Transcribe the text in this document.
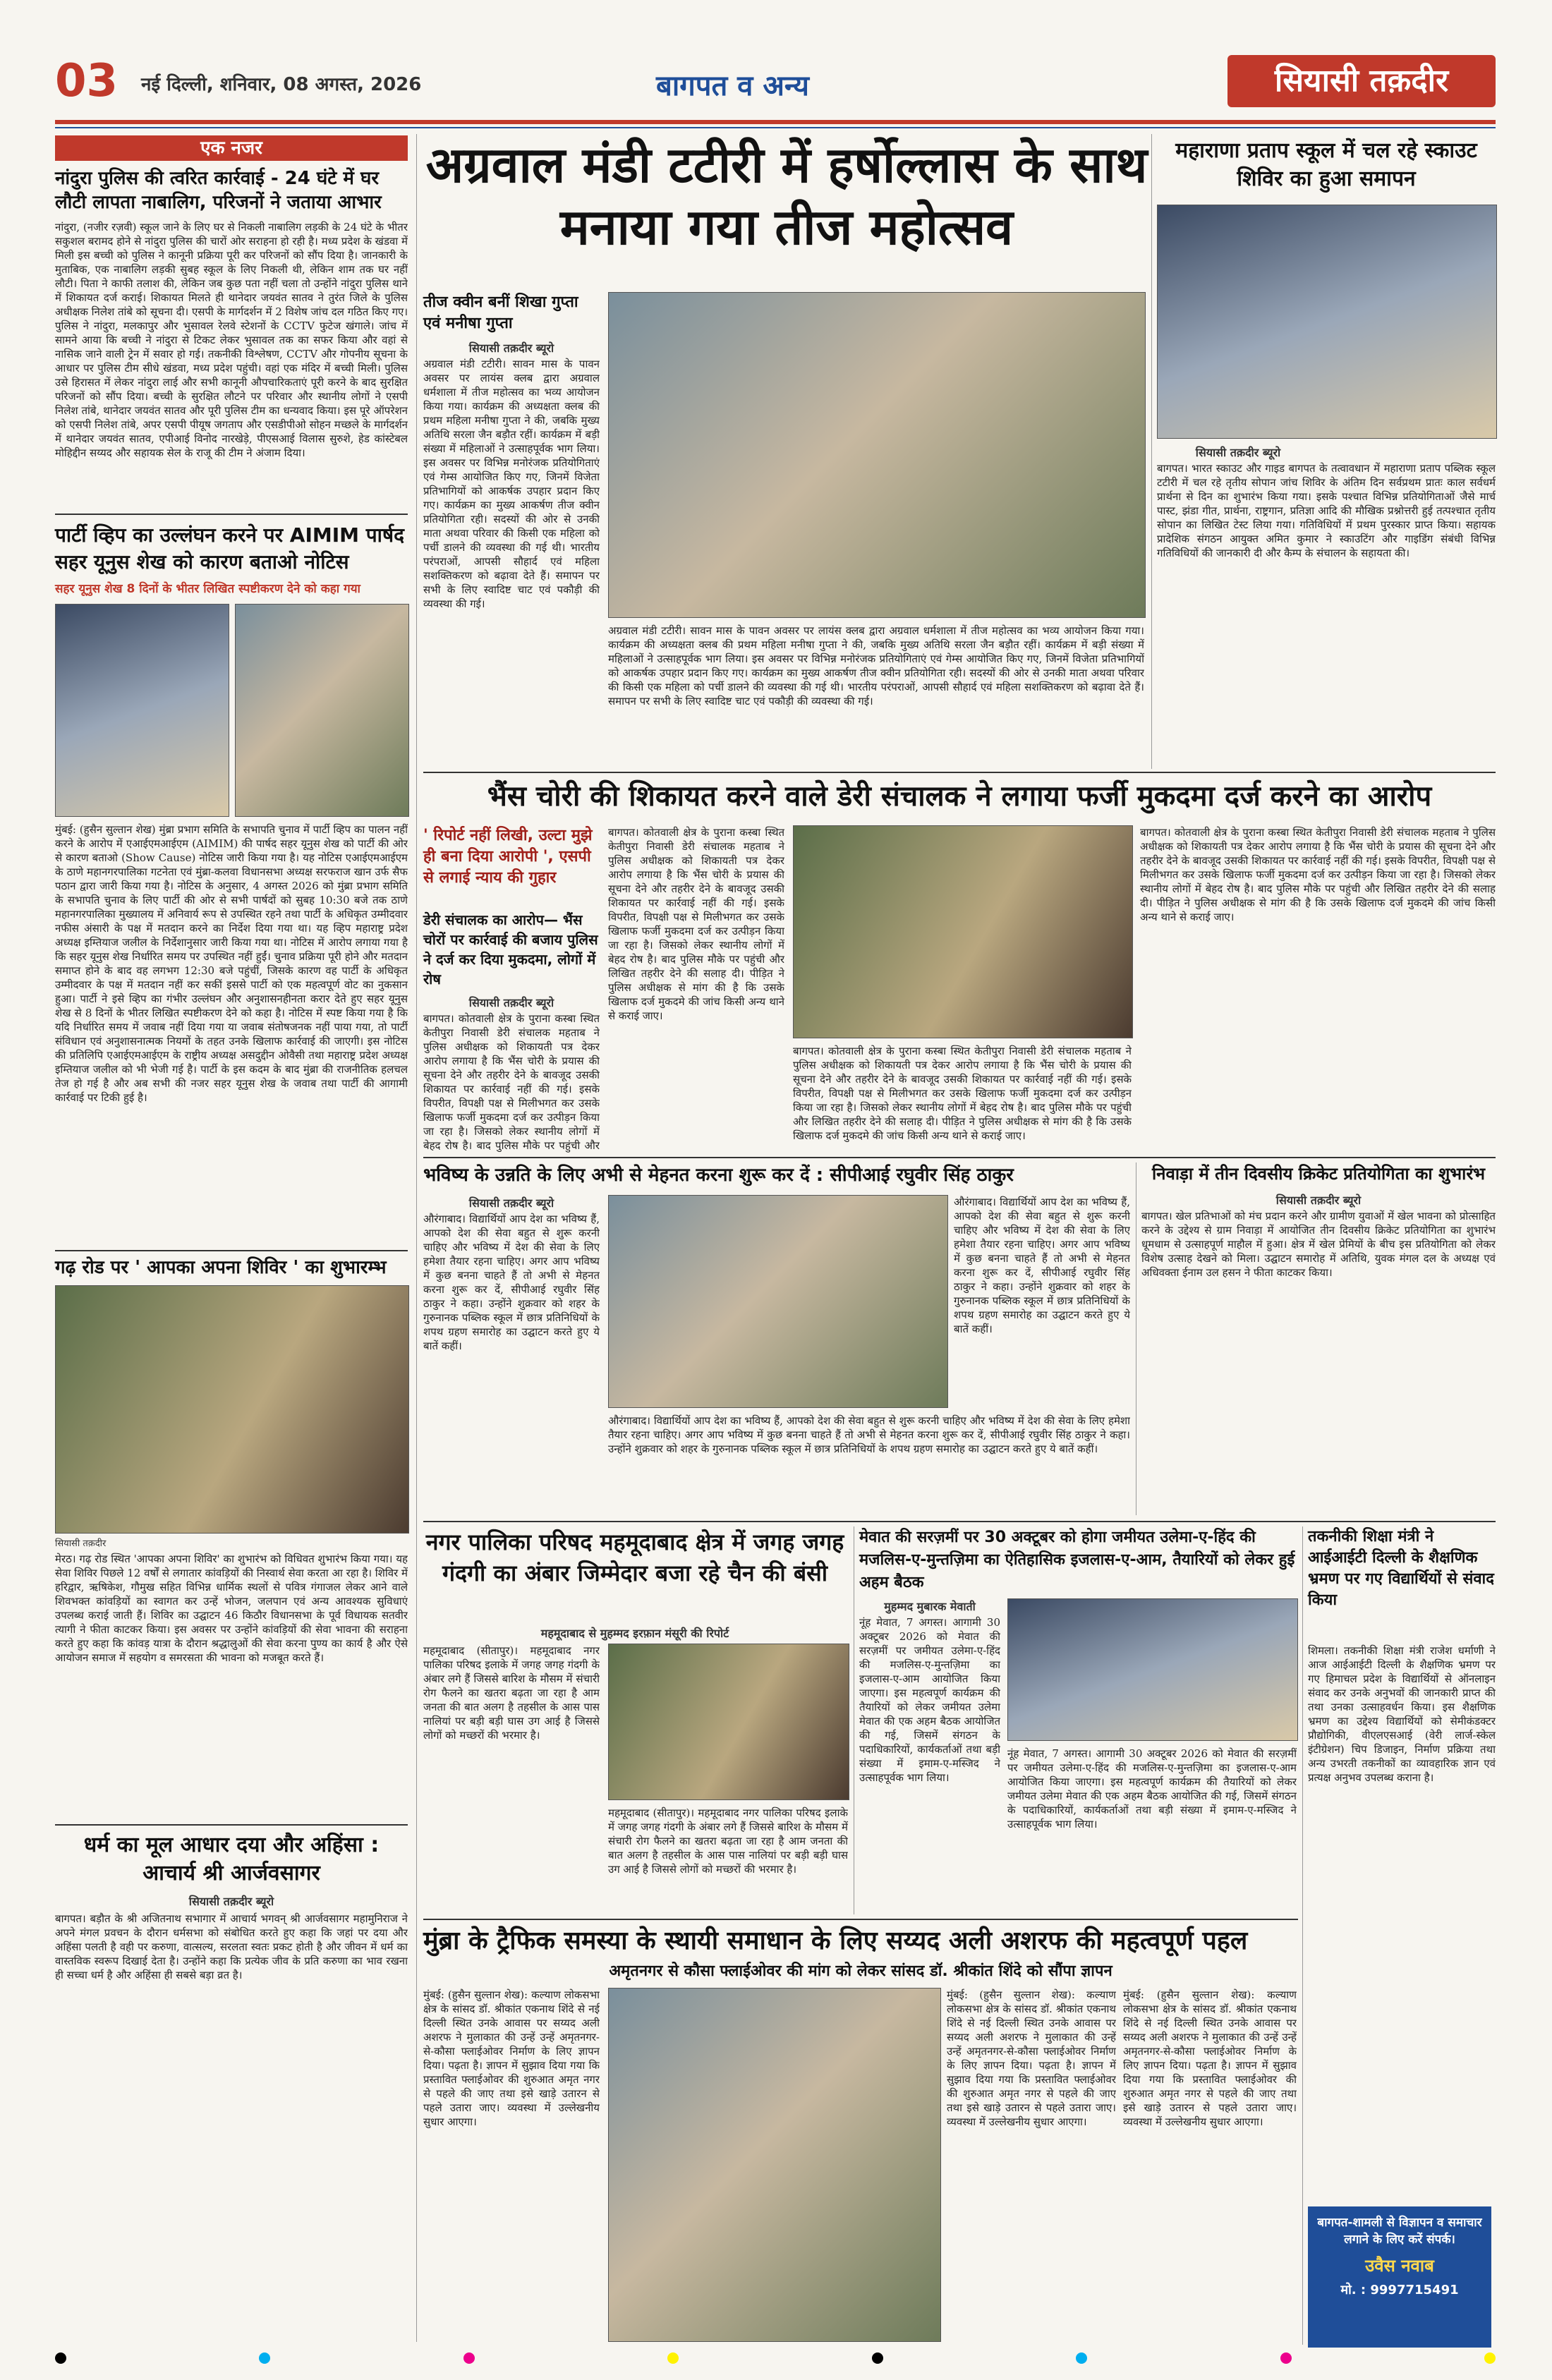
03 नई दिल्ली, शनिवार, 08 अगस्त, 2026	बागपत व अन्य	सियासी तक़दीर
एक नजर
नांदुरा पुलिस की त्वरित कार्रवाई - 24 घंटे में घर लौटी लापता नाबालिग, परिजनों ने जताया आभार
नांदुरा, (नजीर रज़वी) स्कूल जाने के लिए घर से निकली नाबालिग लड़की के 24 घंटे के भीतर सकुशल बरामद होने से नांदुरा पुलिस की चारों ओर सराहना हो रही है। मध्य प्रदेश के खंडवा में मिली इस बच्ची को पुलिस ने कानूनी प्रक्रिया पूरी कर परिजनों को सौंप दिया है। जानकारी के मुताबिक, एक नाबालिग लड़की सुबह स्कूल के लिए निकली थी, लेकिन शाम तक घर नहीं लौटी। पिता ने काफी तलाश की, लेकिन जब कुछ पता नहीं चला तो उन्होंने नांदुरा पुलिस थाने में शिकायत दर्ज कराई। शिकायत मिलते ही थानेदार जयवंत सातव ने तुरंत जिले के पुलिस अधीक्षक निलेश तांबे को सूचना दी। एसपी के मार्गदर्शन में 2 विशेष जांच दल गठित किए गए। पुलिस ने नांदुरा, मलकापुर और भुसावल रेलवे स्टेशनों के CCTV फुटेज खंगाले। जांच में सामने आया कि बच्ची ने नांदुरा से टिकट लेकर भुसावल तक का सफर किया और वहां से नासिक जाने वाली ट्रेन में सवार हो गई। तकनीकी विश्लेषण, CCTV और गोपनीय सूचना के आधार पर पुलिस टीम सीधे खंडवा, मध्य प्रदेश पहुंची। वहां एक मंदिर में बच्ची मिली। पुलिस उसे हिरासत में लेकर नांदुरा लाई और सभी कानूनी औपचारिकताएं पूरी करने के बाद सुरक्षित परिजनों को सौंप दिया। बच्ची के सुरक्षित लौटने पर परिवार और स्थानीय लोगों ने एसपी निलेश तांबे, थानेदार जयवंत सातव और पूरी पुलिस टीम का धन्यवाद किया। इस पूरे ऑपरेशन को एसपी निलेश तांबे, अपर एसपी पीयूष जगताप और एसडीपीओ सोहन मच्छले के मार्गदर्शन में थानेदार जयवंत सातव, एपीआई विनोद नारखेड़े, पीएसआई विलास सुरुशे, हेड कांस्टेबल मोहिद्दीन सय्यद और सहायक सेल के राजू की टीम ने अंजाम दिया।
पार्टी व्हिप का उल्लंघन करने पर AIMIM पार्षद सहर यूनुस शेख को कारण बताओ नोटिस
सहर यूनुस शेख 8 दिनों के भीतर लिखित स्पष्टीकरण देने को कहा गया
मुंबई: (हुसैन सुल्तान शेख) मुंब्रा प्रभाग समिति के सभापति चुनाव में पार्टी व्हिप का पालन नहीं करने के आरोप में एआईएमआईएम (AIMIM) की पार्षद सहर यूनुस शेख को पार्टी की ओर से कारण बताओ (Show Cause) नोटिस जारी किया गया है। यह नोटिस एआईएमआईएम के ठाणे महानगरपालिका गटनेता एवं मुंब्रा-कलवा विधानसभा अध्यक्ष सरफराज खान उर्फ सैफ पठान द्वारा जारी किया गया है। नोटिस के अनुसार, 4 अगस्त 2026 को मुंब्रा प्रभाग समिति के सभापति चुनाव के लिए पार्टी की ओर से सभी पार्षदों को सुबह 10:30 बजे तक ठाणे महानगरपालिका मुख्यालय में अनिवार्य रूप से उपस्थित रहने तथा पार्टी के अधिकृत उम्मीदवार नफीस अंसारी के पक्ष में मतदान करने का निर्देश दिया गया था। यह व्हिप महाराष्ट्र प्रदेश अध्यक्ष इम्तियाज जलील के निर्देशानुसार जारी किया गया था। नोटिस में आरोप लगाया गया है कि सहर यूनुस शेख निर्धारित समय पर उपस्थित नहीं हुईं। चुनाव प्रक्रिया पूरी होने और मतदान समाप्त होने के बाद वह लगभग 12:30 बजे पहुंचीं, जिसके कारण वह पार्टी के अधिकृत उम्मीदवार के पक्ष में मतदान नहीं कर सकीं इससे पार्टी को एक महत्वपूर्ण वोट का नुकसान हुआ। पार्टी ने इसे व्हिप का गंभीर उल्लंघन और अनुशासनहीनता करार देते हुए सहर यूनुस शेख से 8 दिनों के भीतर लिखित स्पष्टीकरण देने को कहा है। नोटिस में स्पष्ट किया गया है कि यदि निर्धारित समय में जवाब नहीं दिया गया या जवाब संतोषजनक नहीं पाया गया, तो पार्टी संविधान एवं अनुशासनात्मक नियमों के तहत उनके खिलाफ कार्रवाई की जाएगी। इस नोटिस की प्रतिलिपि एआईएमआईएम के राष्ट्रीय अध्यक्ष असदुद्दीन ओवैसी तथा महाराष्ट्र प्रदेश अध्यक्ष इम्तियाज जलील को भी भेजी गई है। पार्टी के इस कदम के बाद मुंब्रा की राजनीतिक हलचल तेज हो गई है और अब सभी की नजर सहर यूनुस शेख के जवाब तथा पार्टी की आगामी कार्रवाई पर टिकी हुई है।
गढ़ रोड पर ' आपका अपना शिविर ' का शुभारम्भ
सियासी तक़दीर
मेरठ। गढ़ रोड स्थित 'आपका अपना शिविर' का शुभारंभ को विधिवत शुभारंभ किया गया। यह सेवा शिविर पिछले 12 वर्षों से लगातार कांवड़ियों की निस्वार्थ सेवा करता आ रहा है। शिविर में हरिद्वार, ऋषिकेश, गौमुख सहित विभिन्न धार्मिक स्थलों से पवित्र गंगाजल लेकर आने वाले शिवभक्त कांवड़ियों का स्वागत कर उन्हें भोजन, जलपान एवं अन्य आवश्यक सुविधाएं उपलब्ध कराई जाती हैं। शिविर का उद्घाटन 46 किठौर विधानसभा के पूर्व विधायक सतवीर त्यागी ने फीता काटकर किया। इस अवसर पर उन्होंने कांवड़ियों की सेवा भावना की सराहना करते हुए कहा कि कांवड़ यात्रा के दौरान श्रद्धालुओं की सेवा करना पुण्य का कार्य है और ऐसे आयोजन समाज में सहयोग व समरसता की भावना को मजबूत करते हैं।
धर्म का मूल आधार दया और अहिंसा : आचार्य श्री आर्जवसागर
सियासी तक़दीर ब्यूरो
बागपत। बड़ौत के श्री अजितनाथ सभागार में आचार्य भगवन् श्री आर्जवसागर महामुनिराज ने अपने मंगल प्रवचन के दौरान धर्मसभा को संबोधित करते हुए कहा कि जहां पर दया और अहिंसा पलती है वही पर करुणा, वात्सल्य, सरलता स्वतः प्रकट होती है और जीवन में धर्म का वास्तविक स्वरूप दिखाई देता है। उन्होंने कहा कि प्रत्येक जीव के प्रति करुणा का भाव रखना ही सच्चा धर्म है और अहिंसा ही सबसे बड़ा व्रत है।
अग्रवाल मंडी टटीरी में हर्षोल्लास के साथ मनाया गया तीज महोत्सव
तीज क्वीन बनीं शिखा गुप्ता एवं मनीषा गुप्ता
सियासी तक़दीर ब्यूरो
अग्रवाल मंडी टटीरी। सावन मास के पावन अवसर पर लायंस क्लब द्वारा अग्रवाल धर्मशाला में तीज महोत्सव का भव्य आयोजन किया गया। कार्यक्रम की अध्यक्षता क्लब की प्रथम महिला मनीषा गुप्ता ने की, जबकि मुख्य अतिथि सरला जैन बड़ौत रहीं। कार्यक्रम में बड़ी संख्या में महिलाओं ने उत्साहपूर्वक भाग लिया। इस अवसर पर विभिन्न मनोरंजक प्रतियोगिताएं एवं गेम्स आयोजित किए गए, जिनमें विजेता प्रतिभागियों को आकर्षक उपहार प्रदान किए गए। कार्यक्रम का मुख्य आकर्षण तीज क्वीन प्रतियोगिता रही। सदस्यों की ओर से उनकी माता अथवा परिवार की किसी एक महिला को पर्ची डालने की व्यवस्था की गई थी। भारतीय परंपराओं, आपसी सौहार्द एवं महिला सशक्तिकरण को बढ़ावा देते हैं। समापन पर सभी के लिए स्वादिष्ट चाट एवं पकौड़ी की व्यवस्था की गई।
अग्रवाल मंडी टटीरी। सावन मास के पावन अवसर पर लायंस क्लब द्वारा अग्रवाल धर्मशाला में तीज महोत्सव का भव्य आयोजन किया गया। कार्यक्रम की अध्यक्षता क्लब की प्रथम महिला मनीषा गुप्ता ने की, जबकि मुख्य अतिथि सरला जैन बड़ौत रहीं। कार्यक्रम में बड़ी संख्या में महिलाओं ने उत्साहपूर्वक भाग लिया। इस अवसर पर विभिन्न मनोरंजक प्रतियोगिताएं एवं गेम्स आयोजित किए गए, जिनमें विजेता प्रतिभागियों को आकर्षक उपहार प्रदान किए गए। कार्यक्रम का मुख्य आकर्षण तीज क्वीन प्रतियोगिता रही। सदस्यों की ओर से उनकी माता अथवा परिवार की किसी एक महिला को पर्ची डालने की व्यवस्था की गई थी। भारतीय परंपराओं, आपसी सौहार्द एवं महिला सशक्तिकरण को बढ़ावा देते हैं। समापन पर सभी के लिए स्वादिष्ट चाट एवं पकौड़ी की व्यवस्था की गई।
महाराणा प्रताप स्कूल में चल रहे स्काउट शिविर का हुआ समापन
सियासी तक़दीर ब्यूरो
बागपत। भारत स्काउट और गाइड बागपत के तत्वावधान में महाराणा प्रताप पब्लिक स्कूल टटीरी में चल रहे तृतीय सोपान जांच शिविर के अंतिम दिन सर्वप्रथम प्रातः काल सर्वधर्म प्रार्थना से दिन का शुभारंभ किया गया। इसके पश्चात विभिन्न प्रतियोगिताओं जैसे मार्च पास्ट, झंडा गीत, प्रार्थना, राष्ट्रगान, प्रतिज्ञा आदि की मौखिक प्रश्नोत्तरी हुई तत्पश्चात तृतीय सोपान का लिखित टेस्ट लिया गया। गतिविधियों में प्रथम पुरस्कार प्राप्त किया। सहायक प्रादेशिक संगठन आयुक्त अमित कुमार ने स्काउटिंग और गाइडिंग संबंधी विभिन्न गतिविधियों की जानकारी दी और कैम्प के संचालन के सहायता की।
भैंस चोरी की शिकायत करने वाले डेरी संचालक ने लगाया फर्जी मुकदमा दर्ज करने का आरोप
' रिपोर्ट नहीं लिखी, उल्टा मुझे ही बना दिया आरोपी ', एसपी से लगाई न्याय की गुहार
डेरी संचालक का आरोप— भैंस चोरों पर कार्रवाई की बजाय पुलिस ने दर्ज कर दिया मुकदमा, लोगों में रोष
सियासी तक़दीर ब्यूरो
बागपत। कोतवाली क्षेत्र के पुराना कस्बा स्थित केतीपुरा निवासी डेरी संचालक महताब ने पुलिस अधीक्षक को शिकायती पत्र देकर आरोप लगाया है कि भैंस चोरी के प्रयास की सूचना देने और तहरीर देने के बावजूद उसकी शिकायत पर कार्रवाई नहीं की गई। इसके विपरीत, विपक्षी पक्ष से मिलीभगत कर उसके खिलाफ फर्जी मुकदमा दर्ज कर उत्पीड़न किया जा रहा है। जिसको लेकर स्थानीय लोगों में बेहद रोष है। बाद पुलिस मौके पर पहुंची और
बागपत। कोतवाली क्षेत्र के पुराना कस्बा स्थित केतीपुरा निवासी डेरी संचालक महताब ने पुलिस अधीक्षक को शिकायती पत्र देकर आरोप लगाया है कि भैंस चोरी के प्रयास की सूचना देने और तहरीर देने के बावजूद उसकी शिकायत पर कार्रवाई नहीं की गई। इसके विपरीत, विपक्षी पक्ष से मिलीभगत कर उसके खिलाफ फर्जी मुकदमा दर्ज कर उत्पीड़न किया जा रहा है। जिसको लेकर स्थानीय लोगों में बेहद रोष है। बाद पुलिस मौके पर पहुंची और लिखित तहरीर देने की सलाह दी। पीड़ित ने पुलिस अधीक्षक से मांग की है कि उसके खिलाफ दर्ज मुकदमे की जांच किसी अन्य थाने से कराई जाए।
बागपत। कोतवाली क्षेत्र के पुराना कस्बा स्थित केतीपुरा निवासी डेरी संचालक महताब ने पुलिस अधीक्षक को शिकायती पत्र देकर आरोप लगाया है कि भैंस चोरी के प्रयास की सूचना देने और तहरीर देने के बावजूद उसकी शिकायत पर कार्रवाई नहीं की गई। इसके विपरीत, विपक्षी पक्ष से मिलीभगत कर उसके खिलाफ फर्जी मुकदमा दर्ज कर उत्पीड़न किया जा रहा है। जिसको लेकर स्थानीय लोगों में बेहद रोष है। बाद पुलिस मौके पर पहुंची और लिखित तहरीर देने की सलाह दी। पीड़ित ने पुलिस अधीक्षक से मांग की है कि उसके खिलाफ दर्ज मुकदमे की जांच किसी अन्य थाने से कराई जाए।
बागपत। कोतवाली क्षेत्र के पुराना कस्बा स्थित केतीपुरा निवासी डेरी संचालक महताब ने पुलिस अधीक्षक को शिकायती पत्र देकर आरोप लगाया है कि भैंस चोरी के प्रयास की सूचना देने और तहरीर देने के बावजूद उसकी शिकायत पर कार्रवाई नहीं की गई। इसके विपरीत, विपक्षी पक्ष से मिलीभगत कर उसके खिलाफ फर्जी मुकदमा दर्ज कर उत्पीड़न किया जा रहा है। जिसको लेकर स्थानीय लोगों में बेहद रोष है। बाद पुलिस मौके पर पहुंची और लिखित तहरीर देने की सलाह दी। पीड़ित ने पुलिस अधीक्षक से मांग की है कि उसके खिलाफ दर्ज मुकदमे की जांच किसी अन्य थाने से कराई जाए।
भविष्य के उन्नति के लिए अभी से मेहनत करना शुरू कर दें : सीपीआई रघुवीर सिंह ठाकुर
सियासी तक़दीर ब्यूरो
औरंगाबाद। विद्यार्थियों आप देश का भविष्य हैं, आपको देश की सेवा बहुत से शुरू करनी चाहिए और भविष्य में देश की सेवा के लिए हमेशा तैयार रहना चाहिए। अगर आप भविष्य में कुछ बनना चाहते हैं तो अभी से मेहनत करना शुरू कर दें, सीपीआई रघुवीर सिंह ठाकुर ने कहा। उन्होंने शुक्रवार को शहर के गुरुनानक पब्लिक स्कूल में छात्र प्रतिनिधियों के शपथ ग्रहण समारोह का उद्घाटन करते हुए ये बातें कहीं।
औरंगाबाद। विद्यार्थियों आप देश का भविष्य हैं, आपको देश की सेवा बहुत से शुरू करनी चाहिए और भविष्य में देश की सेवा के लिए हमेशा तैयार रहना चाहिए। अगर आप भविष्य में कुछ बनना चाहते हैं तो अभी से मेहनत करना शुरू कर दें, सीपीआई रघुवीर सिंह ठाकुर ने कहा। उन्होंने शुक्रवार को शहर के गुरुनानक पब्लिक स्कूल में छात्र प्रतिनिधियों के शपथ ग्रहण समारोह का उद्घाटन करते हुए ये बातें कहीं।
औरंगाबाद। विद्यार्थियों आप देश का भविष्य हैं, आपको देश की सेवा बहुत से शुरू करनी चाहिए और भविष्य में देश की सेवा के लिए हमेशा तैयार रहना चाहिए। अगर आप भविष्य में कुछ बनना चाहते हैं तो अभी से मेहनत करना शुरू कर दें, सीपीआई रघुवीर सिंह ठाकुर ने कहा। उन्होंने शुक्रवार को शहर के गुरुनानक पब्लिक स्कूल में छात्र प्रतिनिधियों के शपथ ग्रहण समारोह का उद्घाटन करते हुए ये बातें कहीं।
निवाड़ा में तीन दिवसीय क्रिकेट प्रतियोगिता का शुभारंभ
सियासी तक़दीर ब्यूरो
बागपत। खेल प्रतिभाओं को मंच प्रदान करने और ग्रामीण युवाओं में खेल भावना को प्रोत्साहित करने के उद्देश्य से ग्राम निवाड़ा में आयोजित तीन दिवसीय क्रिकेट प्रतियोगिता का शुभारंभ धूमधाम से उत्साहपूर्ण माहौल में हुआ। क्षेत्र में खेल प्रेमियों के बीच इस प्रतियोगिता को लेकर विशेष उत्साह देखने को मिला। उद्घाटन समारोह में अतिथि, युवक मंगल दल के अध्यक्ष एवं अधिवक्ता ईनाम उल हसन ने फीता काटकर किया।
नगर पालिका परिषद महमूदाबाद क्षेत्र में जगह जगह गंदगी का अंबार जिम्मेदार बजा रहे चैन की बंसी
महमूदाबाद से मुहम्मद इरफ़ान मंसूरी की रिपोर्ट
महमूदाबाद (सीतापुर)। महमूदाबाद नगर पालिका परिषद इलाके में जगह जगह गंदगी के अंबार लगे हैं जिससे बारिश के मौसम में संचारी रोग फैलने का खतरा बढ़ता जा रहा है आम जनता की बात अलग है तहसील के आस पास नालियां पर बड़ी बड़ी घास उग आई है जिससे लोगों को मच्छरों की भरमार है।
महमूदाबाद (सीतापुर)। महमूदाबाद नगर पालिका परिषद इलाके में जगह जगह गंदगी के अंबार लगे हैं जिससे बारिश के मौसम में संचारी रोग फैलने का खतरा बढ़ता जा रहा है आम जनता की बात अलग है तहसील के आस पास नालियां पर बड़ी बड़ी घास उग आई है जिससे लोगों को मच्छरों की भरमार है।
मेवात की सरज़मीं पर 30 अक्टूबर को होगा जमीयत उलेमा-ए-हिंद की मजलिस-ए-मुन्तज़िमा का ऐतिहासिक इजलास-ए-आम, तैयारियों को लेकर हुई अहम बैठक
मुहम्मद मुबारक मेवाती
नूंह मेवात, 7 अगस्त। आगामी 30 अक्टूबर 2026 को मेवात की सरज़मीं पर जमीयत उलेमा-ए-हिंद की मजलिस-ए-मुन्तज़िमा का इजलास-ए-आम आयोजित किया जाएगा। इस महत्वपूर्ण कार्यक्रम की तैयारियों को लेकर जमीयत उलेमा मेवात की एक अहम बैठक आयोजित की गई, जिसमें संगठन के पदाधिकारियों, कार्यकर्ताओं तथा बड़ी संख्या में इमाम-ए-मस्जिद ने उत्साहपूर्वक भाग लिया।
नूंह मेवात, 7 अगस्त। आगामी 30 अक्टूबर 2026 को मेवात की सरज़मीं पर जमीयत उलेमा-ए-हिंद की मजलिस-ए-मुन्तज़िमा का इजलास-ए-आम आयोजित किया जाएगा। इस महत्वपूर्ण कार्यक्रम की तैयारियों को लेकर जमीयत उलेमा मेवात की एक अहम बैठक आयोजित की गई, जिसमें संगठन के पदाधिकारियों, कार्यकर्ताओं तथा बड़ी संख्या में इमाम-ए-मस्जिद ने उत्साहपूर्वक भाग लिया।
तकनीकी शिक्षा मंत्री ने आईआईटी दिल्ली के शैक्षणिक भ्रमण पर गए विद्यार्थियों से संवाद किया
शिमला। तकनीकी शिक्षा मंत्री राजेश धर्माणी ने आज आईआईटी दिल्ली के शैक्षणिक भ्रमण पर गए हिमाचल प्रदेश के विद्यार्थियों से ऑनलाइन संवाद कर उनके अनुभवों की जानकारी प्राप्त की तथा उनका उत्साहवर्धन किया। इस शैक्षणिक भ्रमण का उद्देश्य विद्यार्थियों को सेमीकंडक्टर प्रौद्योगिकी, वीएलएसआई (वेरी लार्ज-स्केल इंटीग्रेशन) चिप डिजाइन, निर्माण प्रक्रिया तथा अन्य उभरती तकनीकों का व्यावहारिक ज्ञान एवं प्रत्यक्ष अनुभव उपलब्ध कराना है।
बागपत-शामली से विज्ञापन व समाचार लगाने के लिए करें संपर्क।
उवैस नवाब
मो. : 9997715491
मुंब्रा के ट्रैफिक समस्या के स्थायी समाधान के लिए सय्यद अली अशरफ की महत्वपूर्ण पहल
अमृतनगर से कौसा फ्लाईओवर की मांग को लेकर सांसद डॉ. श्रीकांत शिंदे को सौंपा ज्ञापन
मुंबई: (हुसैन सुल्तान शेख): कल्याण लोकसभा क्षेत्र के सांसद डॉ. श्रीकांत एकनाथ शिंदे से नई दिल्ली स्थित उनके आवास पर सय्यद अली अशरफ ने मुलाकात की उन्हें उन्हें अमृतनगर-से-कौसा फ्लाईओवर निर्माण के लिए ज्ञापन दिया। पढ़ता है। ज्ञापन में सुझाव दिया गया कि प्रस्तावित फ्लाईओवर की शुरुआत अमृत नगर से पहले की जाए तथा इसे खाड़े उतारन से पहले उतारा जाए। व्यवस्था में उल्लेखनीय सुधार आएगा।
मुंबई: (हुसैन सुल्तान शेख): कल्याण लोकसभा क्षेत्र के सांसद डॉ. श्रीकांत एकनाथ शिंदे से नई दिल्ली स्थित उनके आवास पर सय्यद अली अशरफ ने मुलाकात की उन्हें उन्हें अमृतनगर-से-कौसा फ्लाईओवर निर्माण के लिए ज्ञापन दिया। पढ़ता है। ज्ञापन में सुझाव दिया गया कि प्रस्तावित फ्लाईओवर की शुरुआत अमृत नगर से पहले की जाए तथा इसे खाड़े उतारन से पहले उतारा जाए। व्यवस्था में उल्लेखनीय सुधार आएगा।
मुंबई: (हुसैन सुल्तान शेख): कल्याण लोकसभा क्षेत्र के सांसद डॉ. श्रीकांत एकनाथ शिंदे से नई दिल्ली स्थित उनके आवास पर सय्यद अली अशरफ ने मुलाकात की उन्हें उन्हें अमृतनगर-से-कौसा फ्लाईओवर निर्माण के लिए ज्ञापन दिया। पढ़ता है। ज्ञापन में सुझाव दिया गया कि प्रस्तावित फ्लाईओवर की शुरुआत अमृत नगर से पहले की जाए तथा इसे खाड़े उतारन से पहले उतारा जाए। व्यवस्था में उल्लेखनीय सुधार आएगा।
